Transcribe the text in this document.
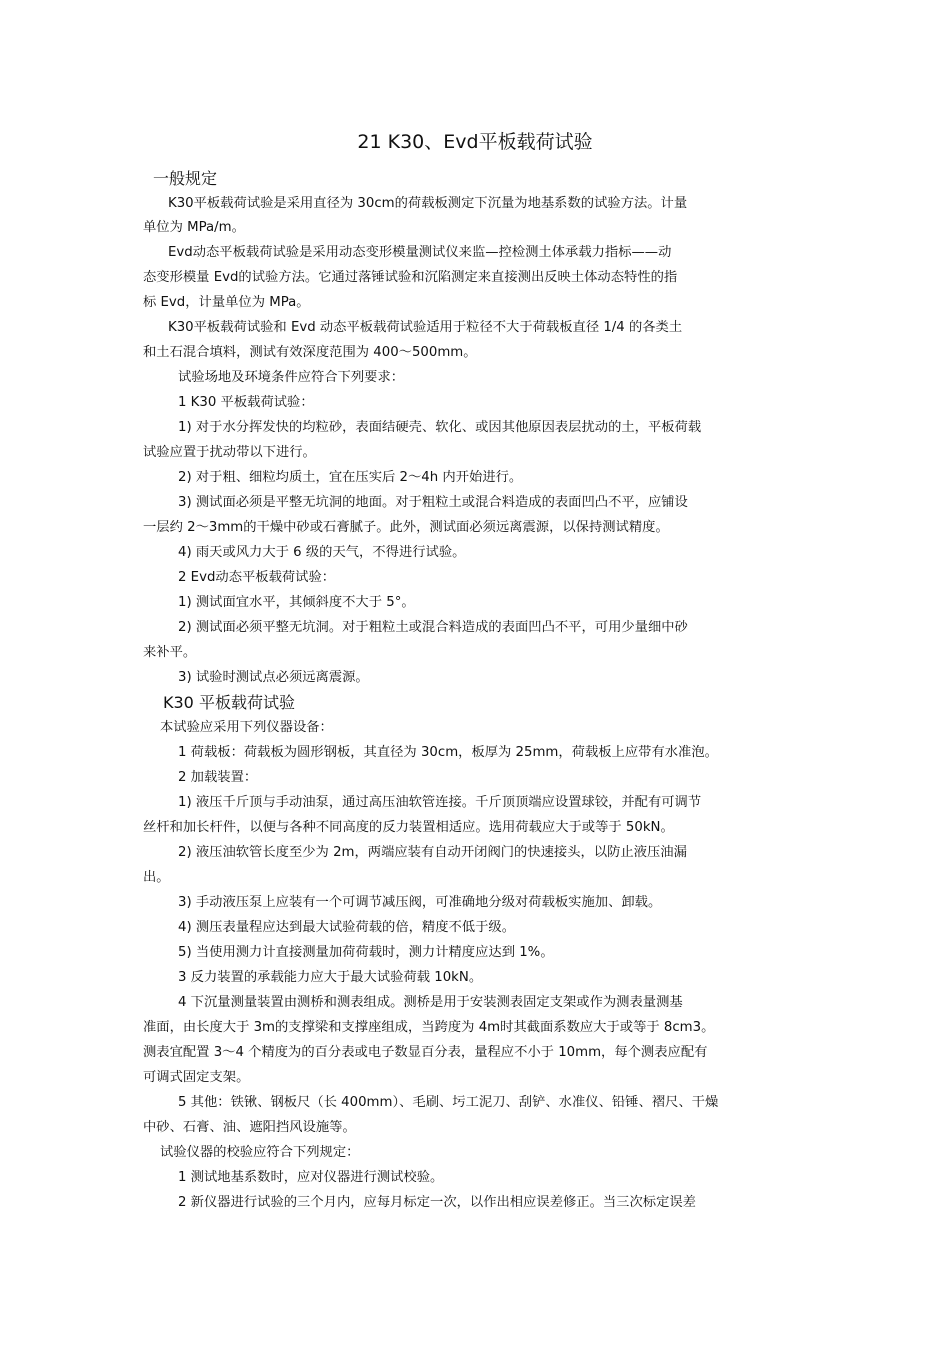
21 K30、Evd平板载荷试验
一般规定
K30平板载荷试验是采用直径为 30cm的荷载板测定下沉量为地基系数的试验方法。计量
单位为 MPa/m。
Evd动态平板载荷试验是采用动态变形模量测试仪来监—控检测土体承载力指标——动
态变形模量 Evd的试验方法。它通过落锤试验和沉陷测定来直接测出反映土体动态特性的指
标 Evd，计量单位为 MPa。
K30平板载荷试验和 Evd 动态平板载荷试验适用于粒径不大于荷载板直径 1/4 的各类土
和土石混合填料，测试有效深度范围为 400～500mm。
试验场地及环境条件应符合下列要求：
1 K30 平板载荷试验：
1) 对于水分挥发快的均粒砂，表面结硬壳、软化、或因其他原因表层扰动的土，平板荷载
试验应置于扰动带以下进行。
2) 对于粗、细粒均质土，宜在压实后 2～4h 内开始进行。
3) 测试面必须是平整无坑洞的地面。对于粗粒土或混合料造成的表面凹凸不平，应铺设
一层约 2～3mm的干燥中砂或石膏腻子。此外，测试面必须远离震源，以保持测试精度。
4) 雨天或风力大于 6 级的天气，不得进行试验。
2 Evd动态平板载荷试验：
1) 测试面宜水平，其倾斜度不大于 5°。
2) 测试面必须平整无坑洞。对于粗粒土或混合料造成的表面凹凸不平，可用少量细中砂
来补平。
3) 试验时测试点必须远离震源。
K30 平板载荷试验
本试验应采用下列仪器设备：
1 荷载板：荷载板为圆形钢板，其直径为 30cm，板厚为 25mm，荷载板上应带有水准泡。
2 加载装置：
1) 液压千斤顶与手动油泵，通过高压油软管连接。千斤顶顶端应设置球铰，并配有可调节
丝杆和加长杆件，以便与各种不同高度的反力装置相适应。选用荷载应大于或等于 50kN。
2) 液压油软管长度至少为 2m，两端应装有自动开闭阀门的快速接头，以防止液压油漏
出。
3) 手动液压泵上应装有一个可调节减压阀，可准确地分级对荷载板实施加、卸载。
4) 测压表量程应达到最大试验荷载的倍，精度不低于级。
5) 当使用测力计直接测量加荷荷载时，测力计精度应达到 1%。
3 反力装置的承载能力应大于最大试验荷载 10kN。
4 下沉量测量装置由测桥和测表组成。测桥是用于安装测表固定支架或作为测表量测基
准面，由长度大于 3m的支撑梁和支撑座组成，当跨度为 4m时其截面系数应大于或等于 8cm3。
测表宜配置 3～4 个精度为的百分表或电子数显百分表，量程应不小于 10mm，每个测表应配有
可调式固定支架。
5 其他：铁锹、钢板尺（长 400mm）、毛刷、圬工泥刀、刮铲、水准仪、铅锤、褶尺、干燥
中砂、石膏、油、遮阳挡风设施等。
试验仪器的校验应符合下列规定：
1 测试地基系数时，应对仪器进行测试校验。
2 新仪器进行试验的三个月内，应每月标定一次，以作出相应误差修正。当三次标定误差
